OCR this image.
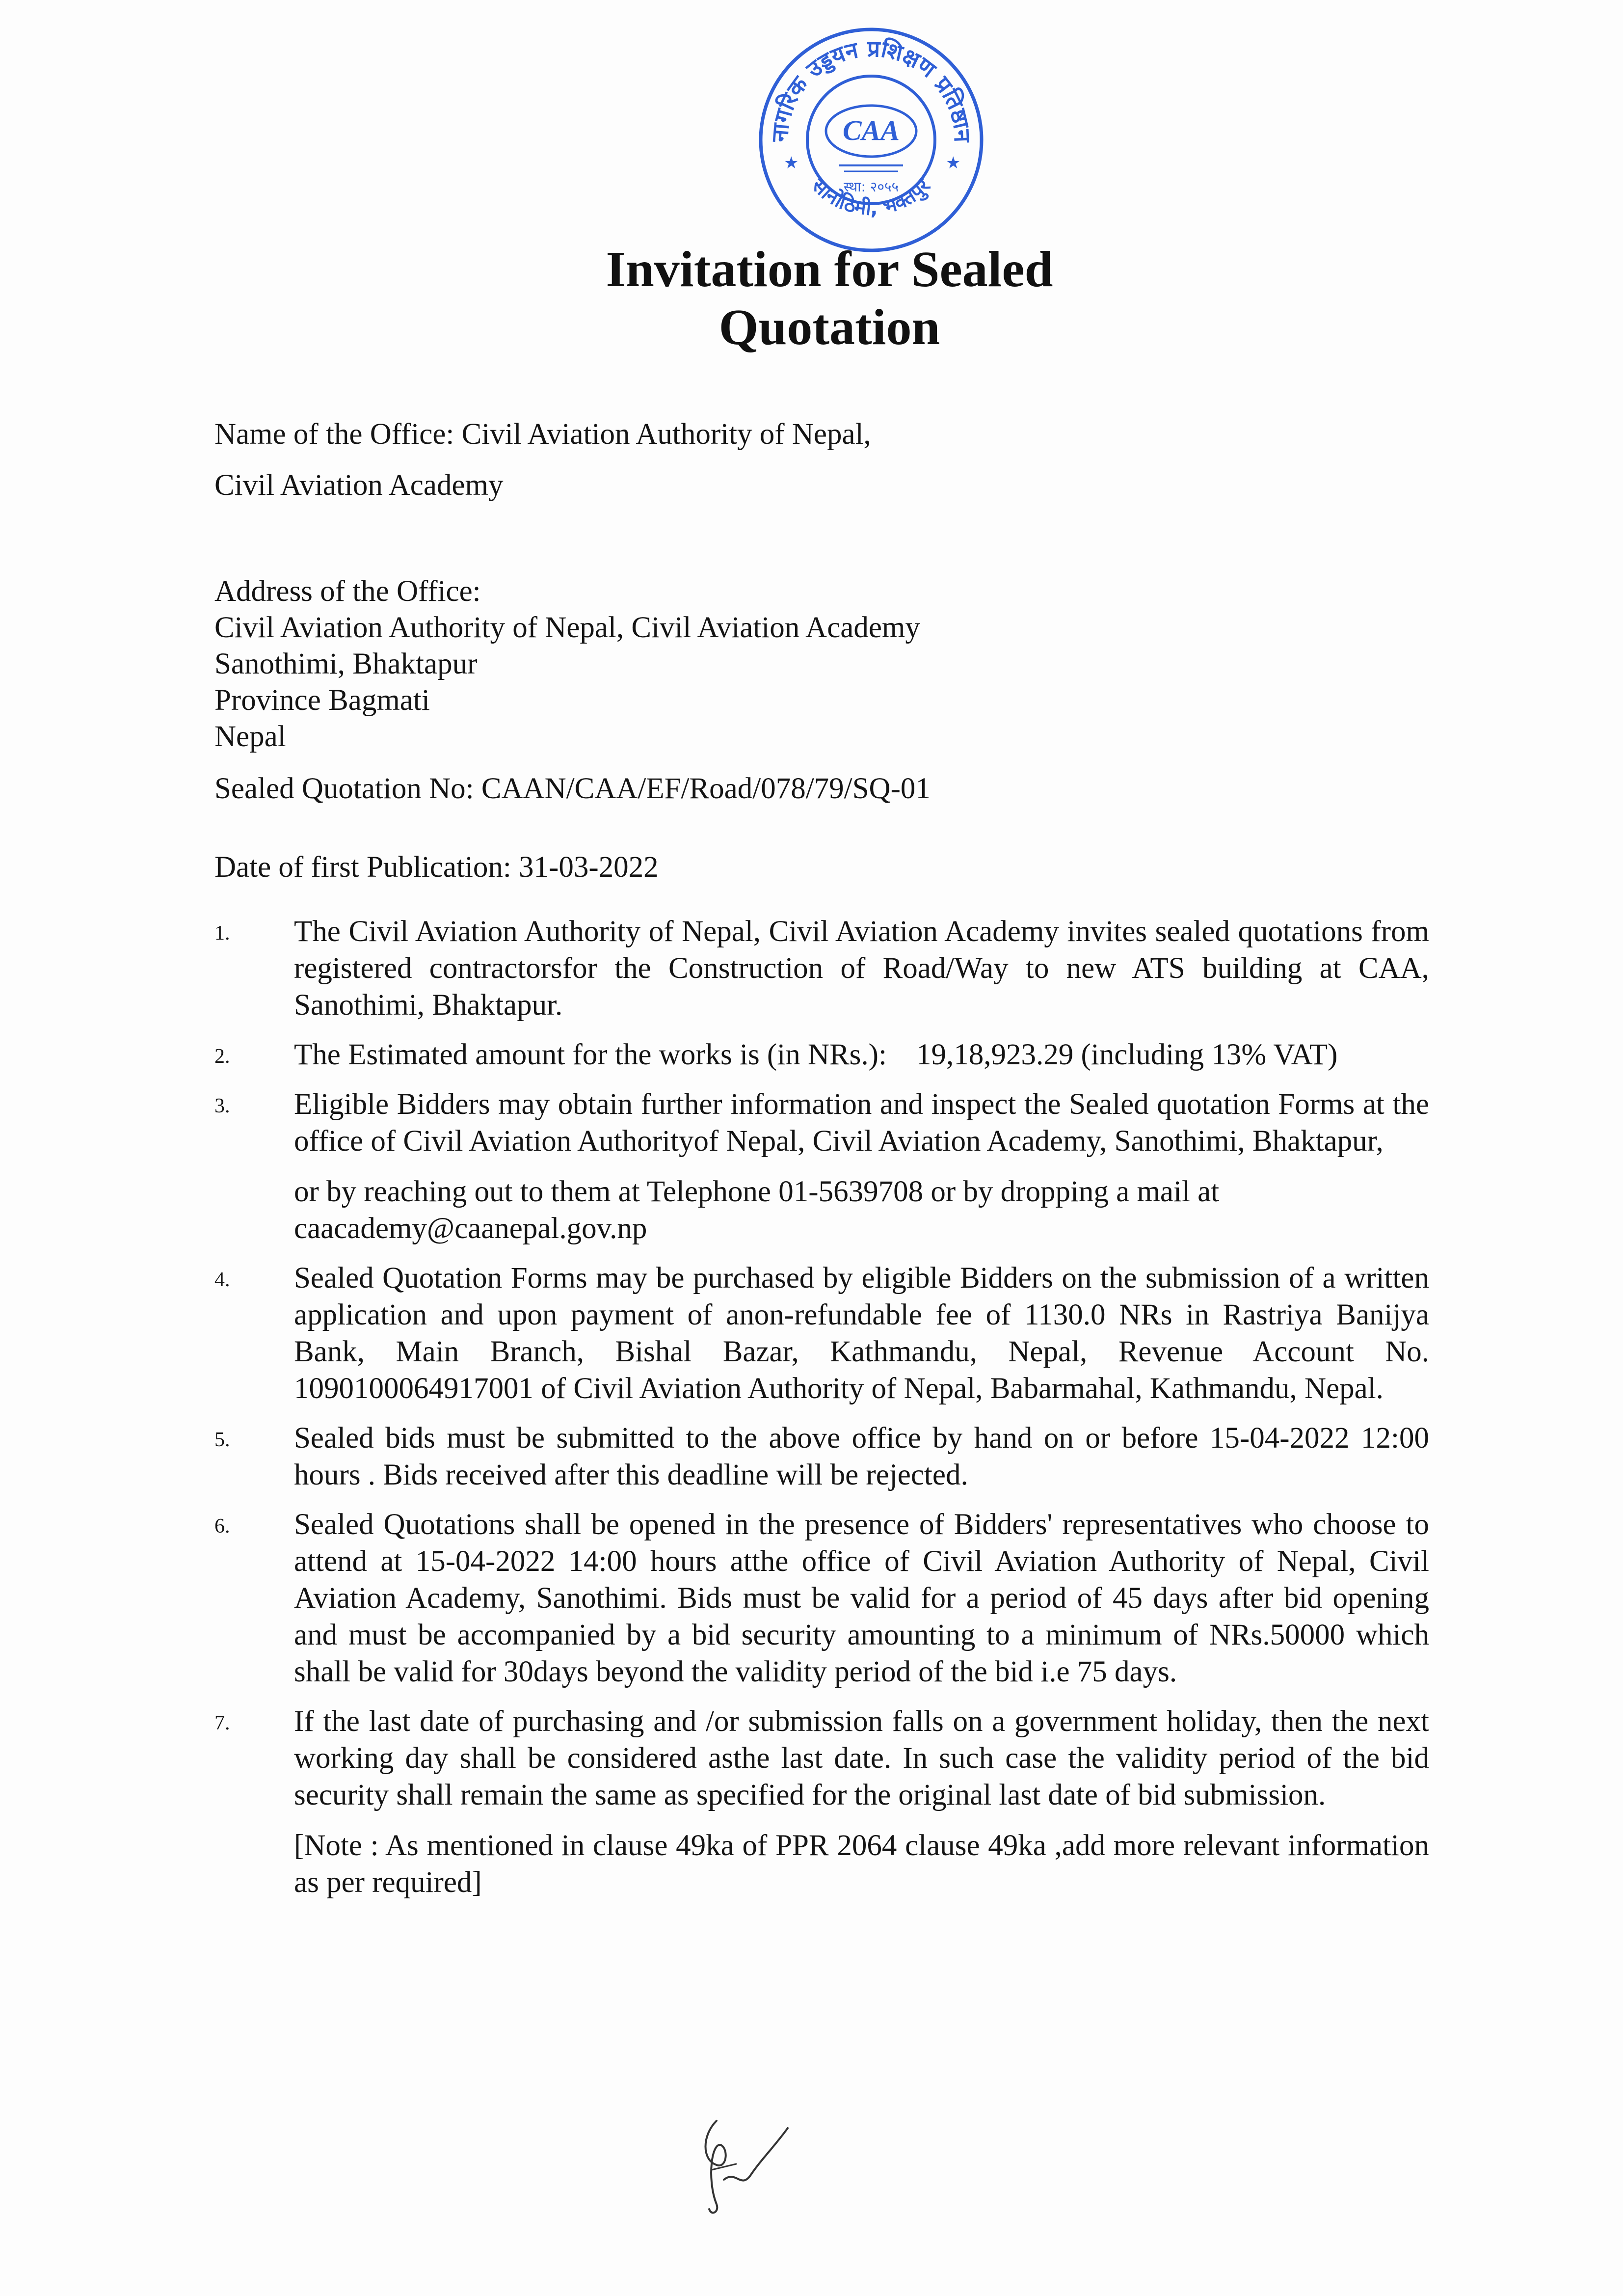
नागरिक उड्डयन प्रशिक्षण प्रतिष्ठान
सानोठिमी, भक्तपुर
★	★
CAA
स्था: २०५५
Invitation for Sealed
Quotation
Name of the Office: Civil Aviation Authority of Nepal,
Civil Aviation Academy
Address of the Office:
Civil Aviation Authority of Nepal, Civil Aviation Academy
Sanothimi, Bhaktapur
Province Bagmati
Nepal
Sealed Quotation No: CAAN/CAA/EF/Road/078/79/SQ-01
Date of first Publication: 31-03-2022
1.	The Civil Aviation Authority of Nepal, Civil Aviation Academy invites sealed quotations from registered contractorsfor the Construction of Road/Way to new ATS building at CAA, Sanothimi, Bhaktapur.

2.	The Estimated amount for the works is (in NRs.): 19,18,923.29 (including 13% VAT)

3.	Eligible Bidders may obtain further information and inspect the Sealed quotation Forms at the office of Civil Aviation Authorityof Nepal, Civil Aviation Academy, Sanothimi, Bhaktapur,

or by reaching out to them at Telephone 01-5639708 or by dropping a mail at caacademy@caanepal.gov.np

4.	Sealed Quotation Forms may be purchased by eligible Bidders on the submission of a written application and upon payment of anon-refundable fee of 1130.0 NRs in Rastriya Banijya Bank, Main Branch, Bishal Bazar, Kathmandu, Nepal, Revenue Account No. 1090100064917001 of Civil Aviation Authority of Nepal, Babarmahal, Kathmandu, Nepal.

5.	Sealed bids must be submitted to the above office by hand on or before 15-04-2022 12:00 hours . Bids received after this deadline will be rejected.

6.	Sealed Quotations shall be opened in the presence of Bidders' representatives who choose to attend at 15-04-2022 14:00 hours atthe office of Civil Aviation Authority of Nepal, Civil Aviation Academy, Sanothimi. Bids must be valid for a period of 45 days after bid opening and must be accompanied by a bid security amounting to a minimum of NRs.50000 which shall be valid for 30days beyond the validity period of the bid i.e 75 days.

7.	If the last date of purchasing and /or submission falls on a government holiday, then the next working day shall be considered asthe last date. In such case the validity period of the bid security shall remain the same as specified for the original last date of bid submission.

[Note : As mentioned in clause 49ka of PPR 2064 clause 49ka ,add more relevant information as per required]
